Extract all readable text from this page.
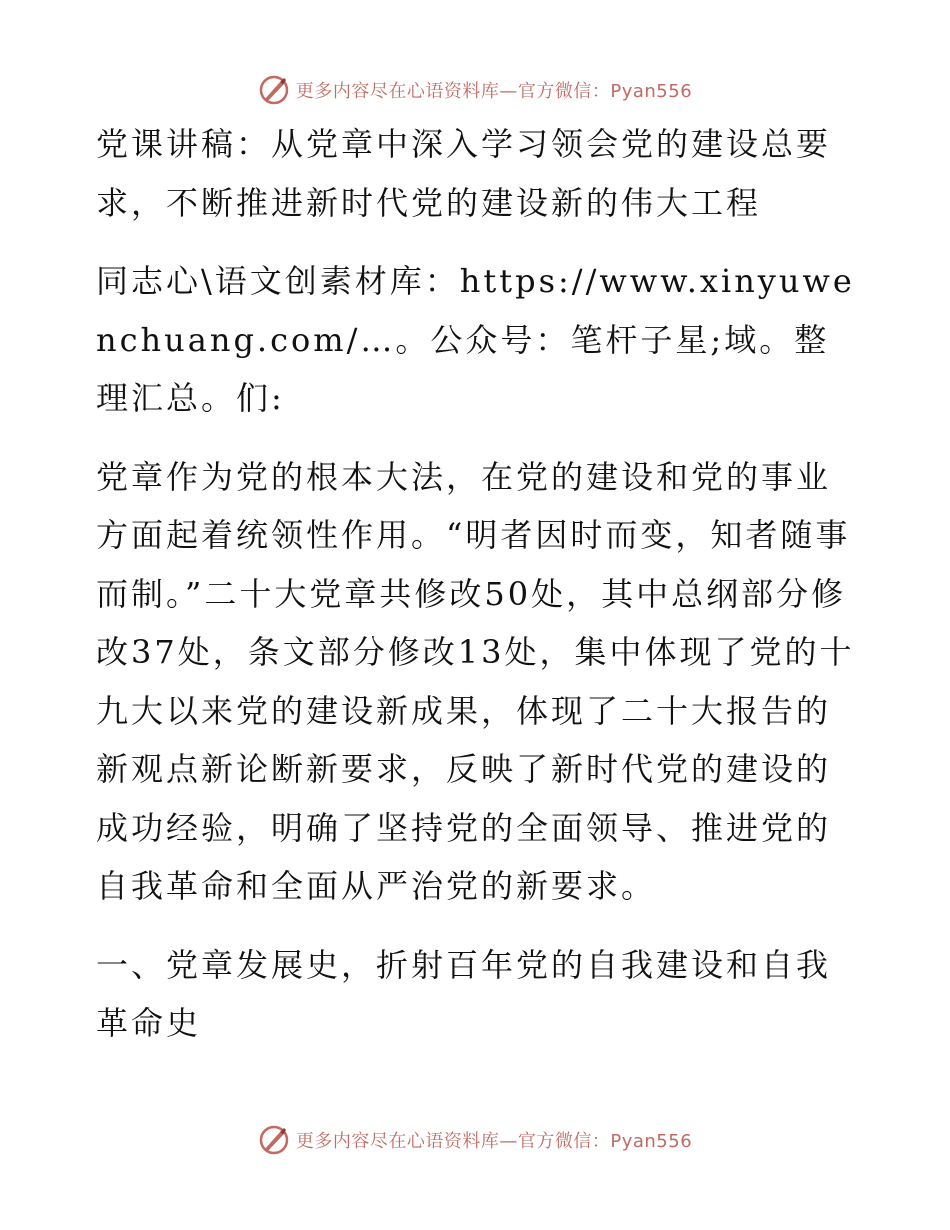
更多内容尽在心语资料库—官方微信：Pyan556

党课讲稿：从党章中深入学习领会党的建设总要求，不断推进新时代党的建设新的伟大工程

同志心\语文创素材库：https://www.xinyuwenchuang.com/…。公众号：笔杆子星;域。整理汇总。们:

党章作为党的根本大法，在党的建设和党的事业方面起着统领性作用。“明者因时而变，知者随事而制。”二十大党章共修改50处，其中总纲部分修改37处，条文部分修改13处，集中体现了党的十九大以来党的建设新成果，体现了二十大报告的新观点新论断新要求，反映了新时代党的建设的成功经验，明确了坚持党的全面领导、推进党的自我革命和全面从严治党的新要求。

一、党章发展史，折射百年党的自我建设和自我革命史

更多内容尽在心语资料库—官方微信：Pyan556
